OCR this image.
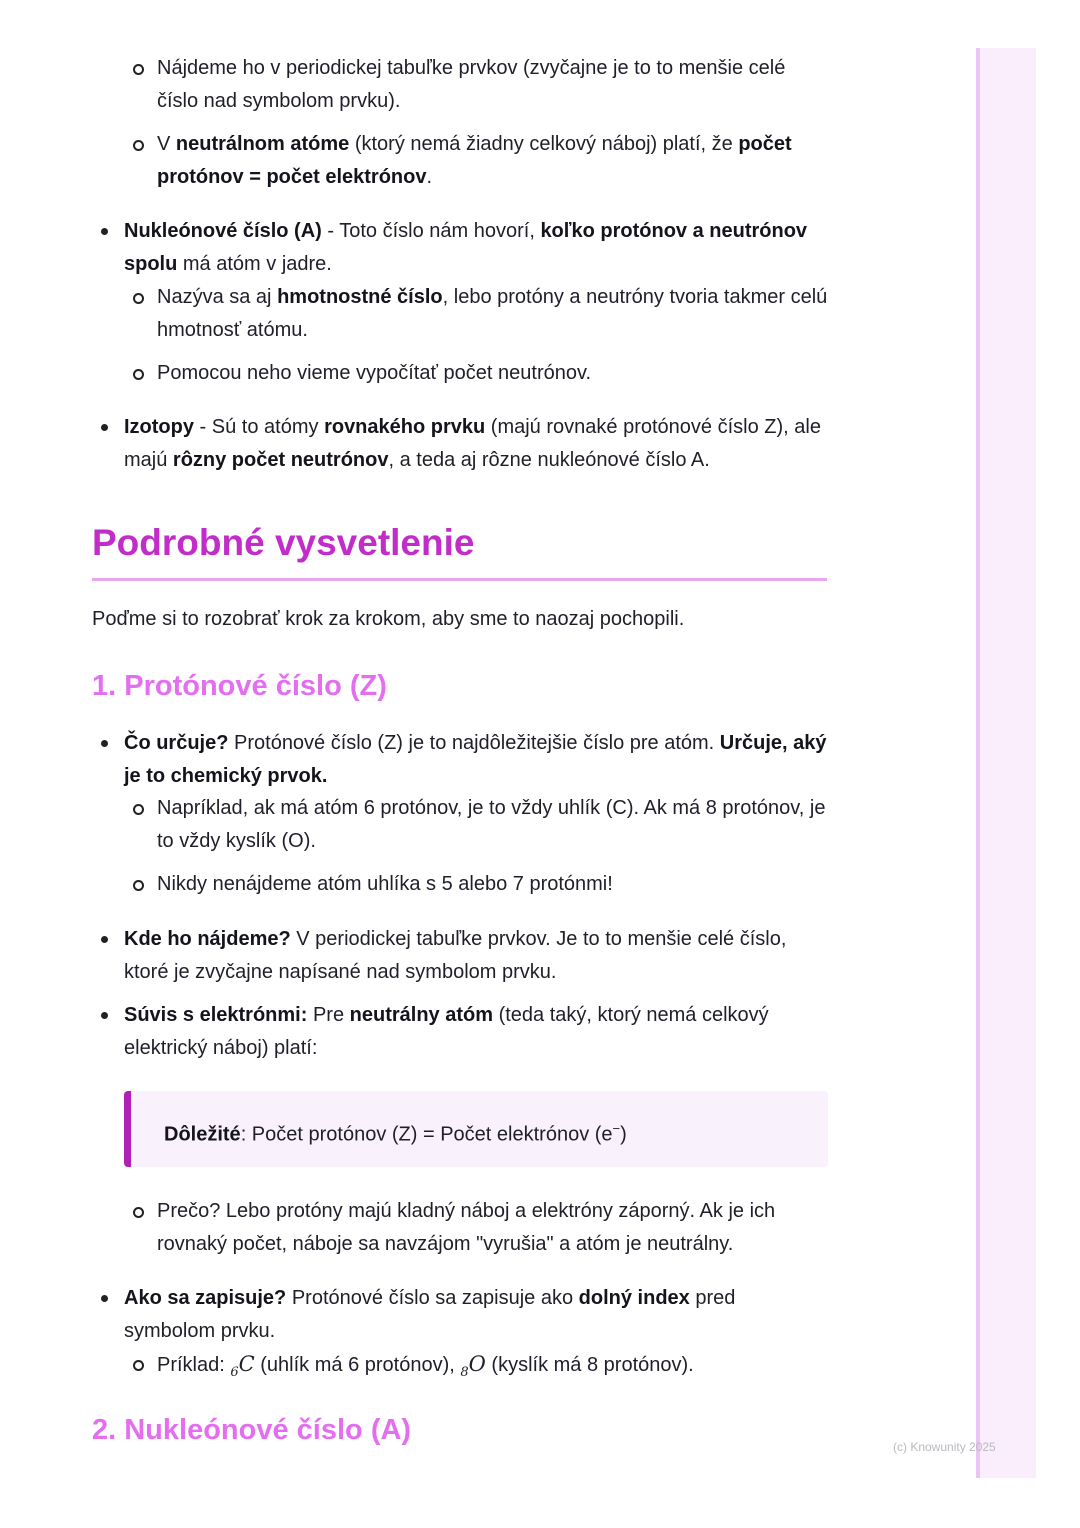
Nájdeme ho v periodickej tabuľke prvkov (zvyčajne je to to menšie celé číslo nad symbolom prvku).
V neutrálnom atóme (ktorý nemá žiadny celkový náboj) platí, že počet protónov = počet elektrónov.
Nukleónové číslo (A) - Toto číslo nám hovorí, koľko protónov a neutrónov spolu má atóm v jadre.
Nazýva sa aj hmotnostné číslo, lebo protóny a neutróny tvoria takmer celú hmotnosť atómu.
Pomocou neho vieme vypočítať počet neutrónov.
Izotopy - Sú to atómy rovnakého prvku (majú rovnaké protónové číslo Z), ale majú rôzny počet neutrónov, a teda aj rôzne nukleónové číslo A.
Podrobné vysvetlenie

Poďme si to rozobrať krok za krokom, aby sme to naozaj pochopili.

1. Protónové číslo (Z)
Čo určuje? Protónové číslo (Z) je to najdôležitejšie číslo pre atóm. Určuje, aký je to chemický prvok.
Napríklad, ak má atóm 6 protónov, je to vždy uhlík (C). Ak má 8 protónov, je to vždy kyslík (O).
Nikdy nenájdeme atóm uhlíka s 5 alebo 7 protónmi!
Kde ho nájdeme? V periodickej tabuľke prvkov. Je to to menšie celé číslo, ktoré je zvyčajne napísané nad symbolom prvku.
Súvis s elektrónmi: Pre neutrálny atóm (teda taký, ktorý nemá celkový elektrický náboj) platí:
Dôležité: Počet protónov (Z) = Počet elektrónov (e−)
Prečo? Lebo protóny majú kladný náboj a elektróny záporný. Ak je ich rovnaký počet, náboje sa navzájom "vyrušia" a atóm je neutrálny.
Ako sa zapisuje? Protónové číslo sa zapisuje ako dolný index pred symbolom prvku.
Príklad: $_6$C (uhlík má 6 protónov), $_8$O (kyslík má 8 protónov).
2. Nukleónové číslo (A)
(c) Knowunity 2025
